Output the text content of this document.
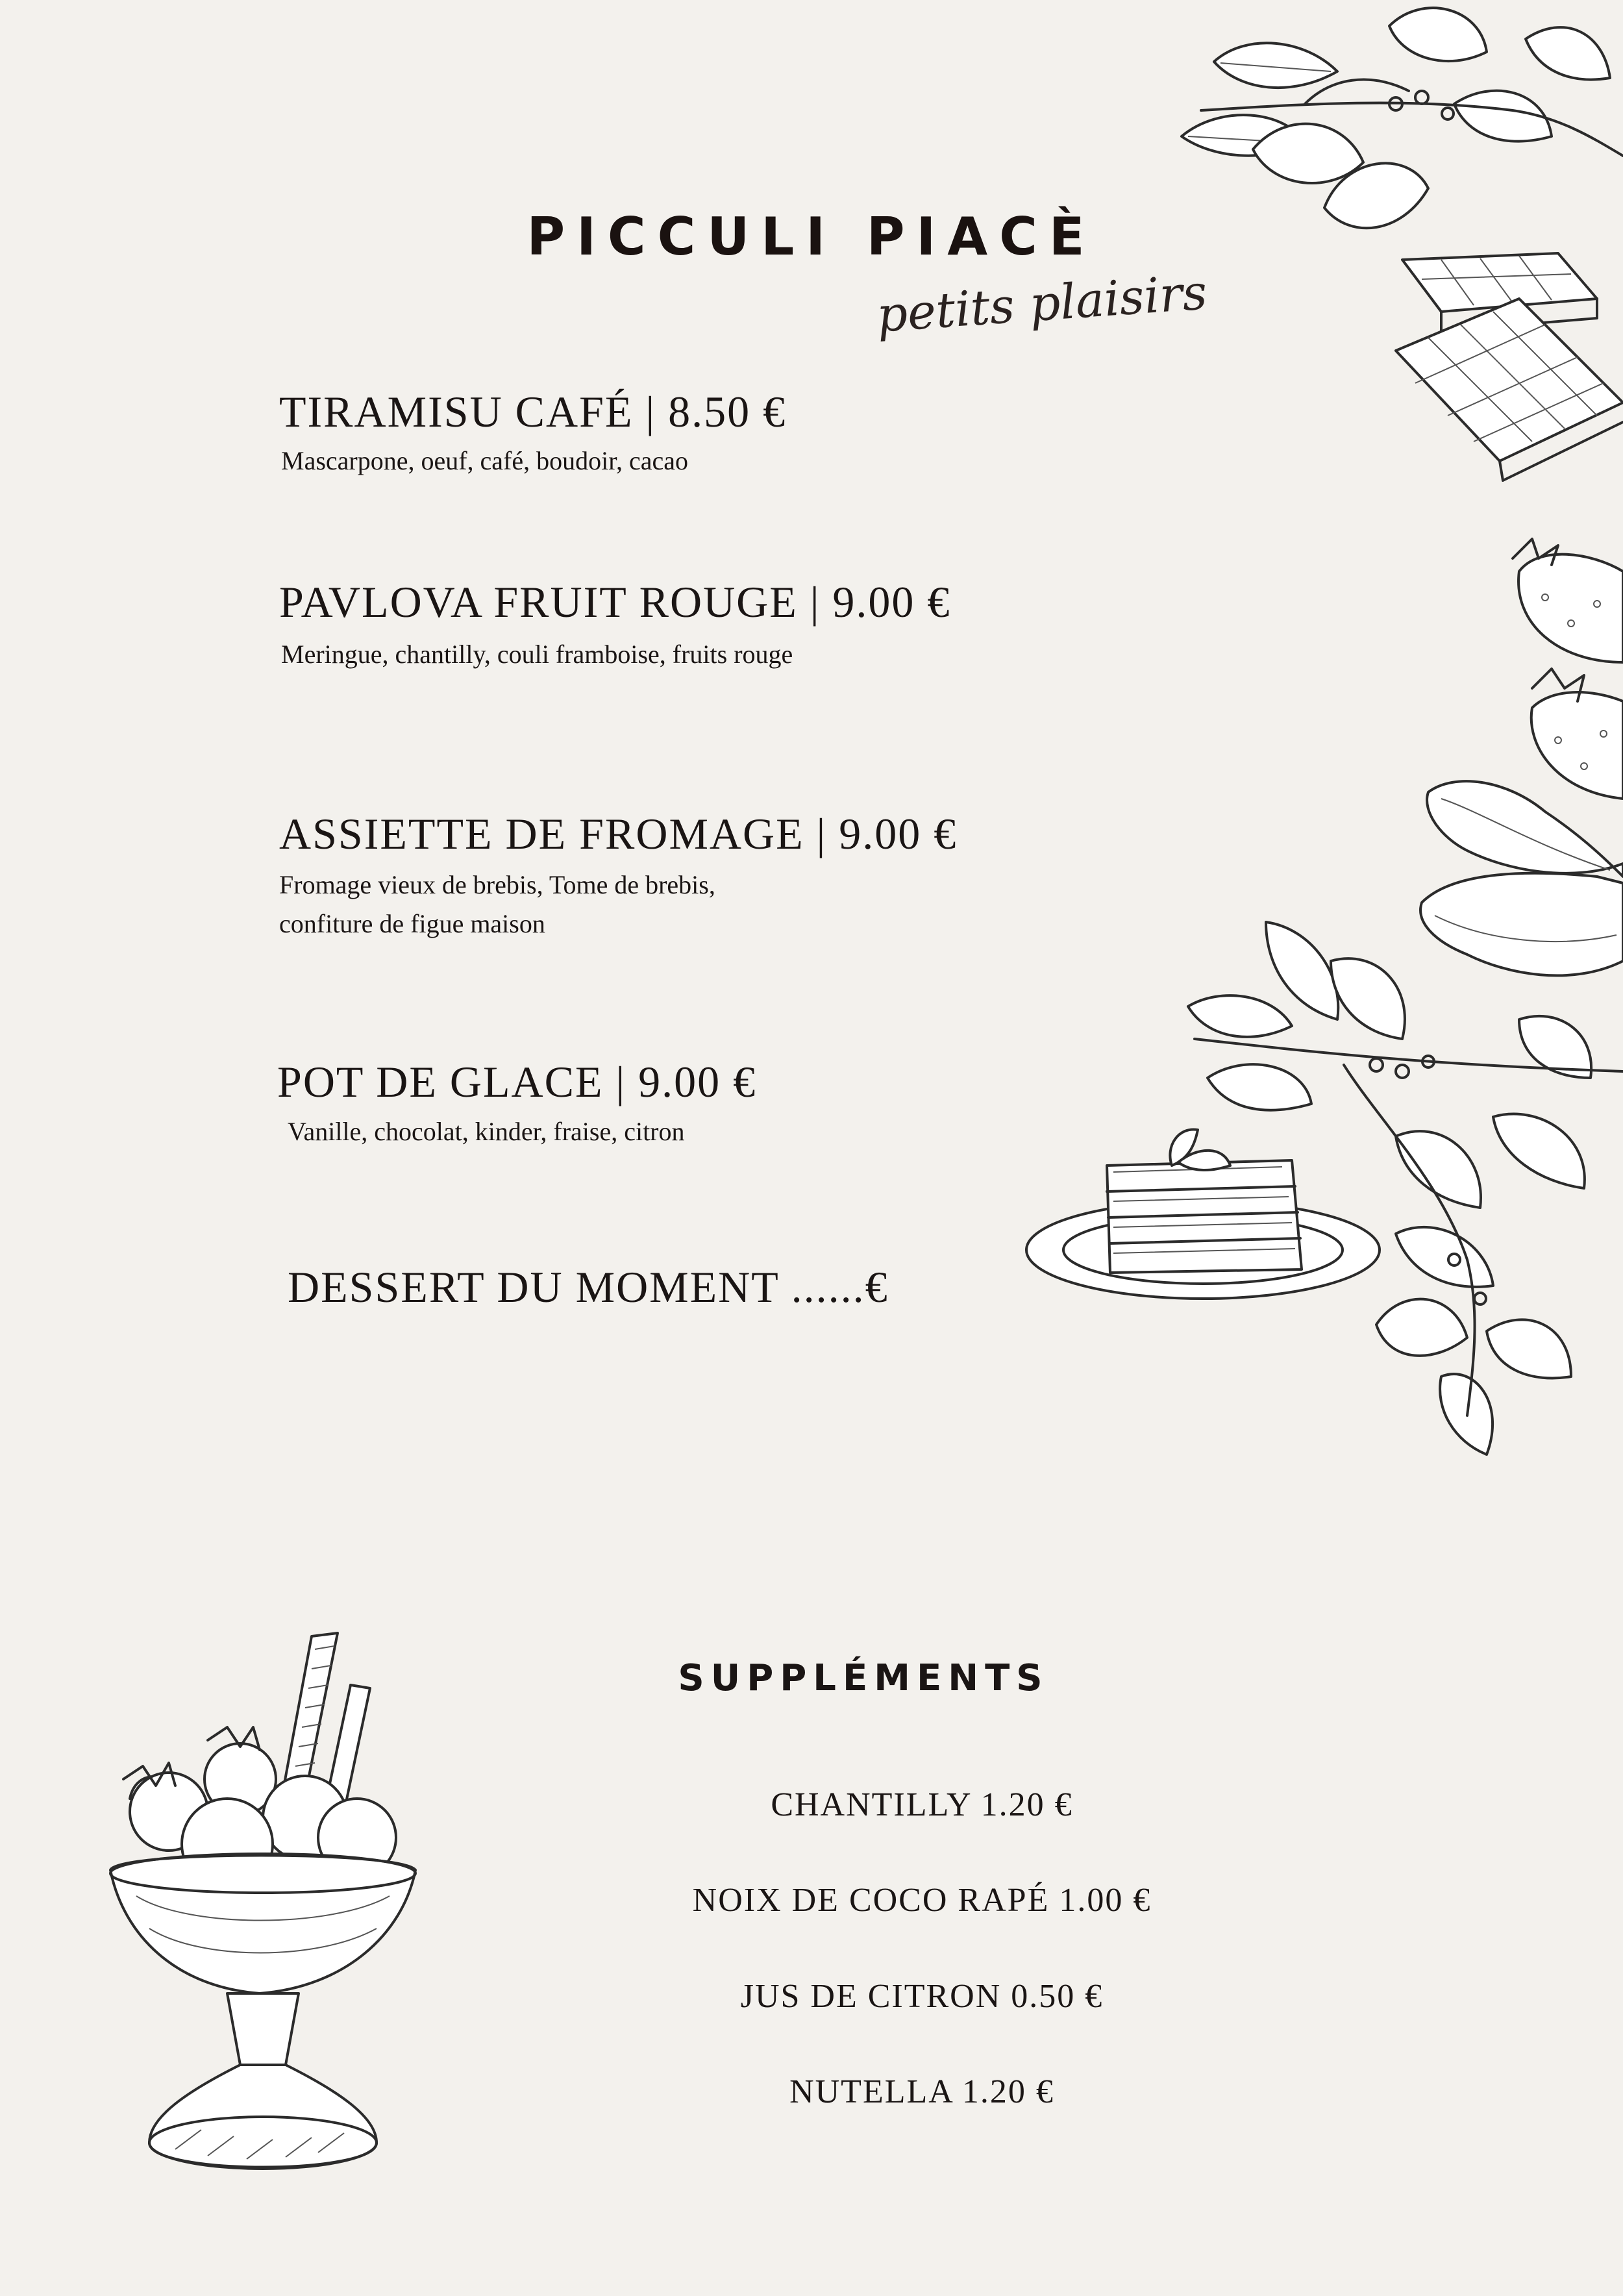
PICCULI PIACÈ
petits plaisirs
TIRAMISU CAFÉ | 8.50 €
Mascarpone, oeuf, café, boudoir, cacao
PAVLOVA FRUIT ROUGE | 9.00 €
Meringue, chantilly, couli framboise, fruits rouge
ASSIETTE DE FROMAGE | 9.00 €
Fromage vieux de brebis, Tome de brebis,
confiture de figue maison
POT DE GLACE | 9.00 €
Vanille, chocolat, kinder, fraise, citron
DESSERT DU MOMENT ......€
SUPPLÉMENTS
CHANTILLY 1.20 €
NOIX DE COCO RAPÉ 1.00 €
JUS DE CITRON 0.50 €
NUTELLA 1.20 €
